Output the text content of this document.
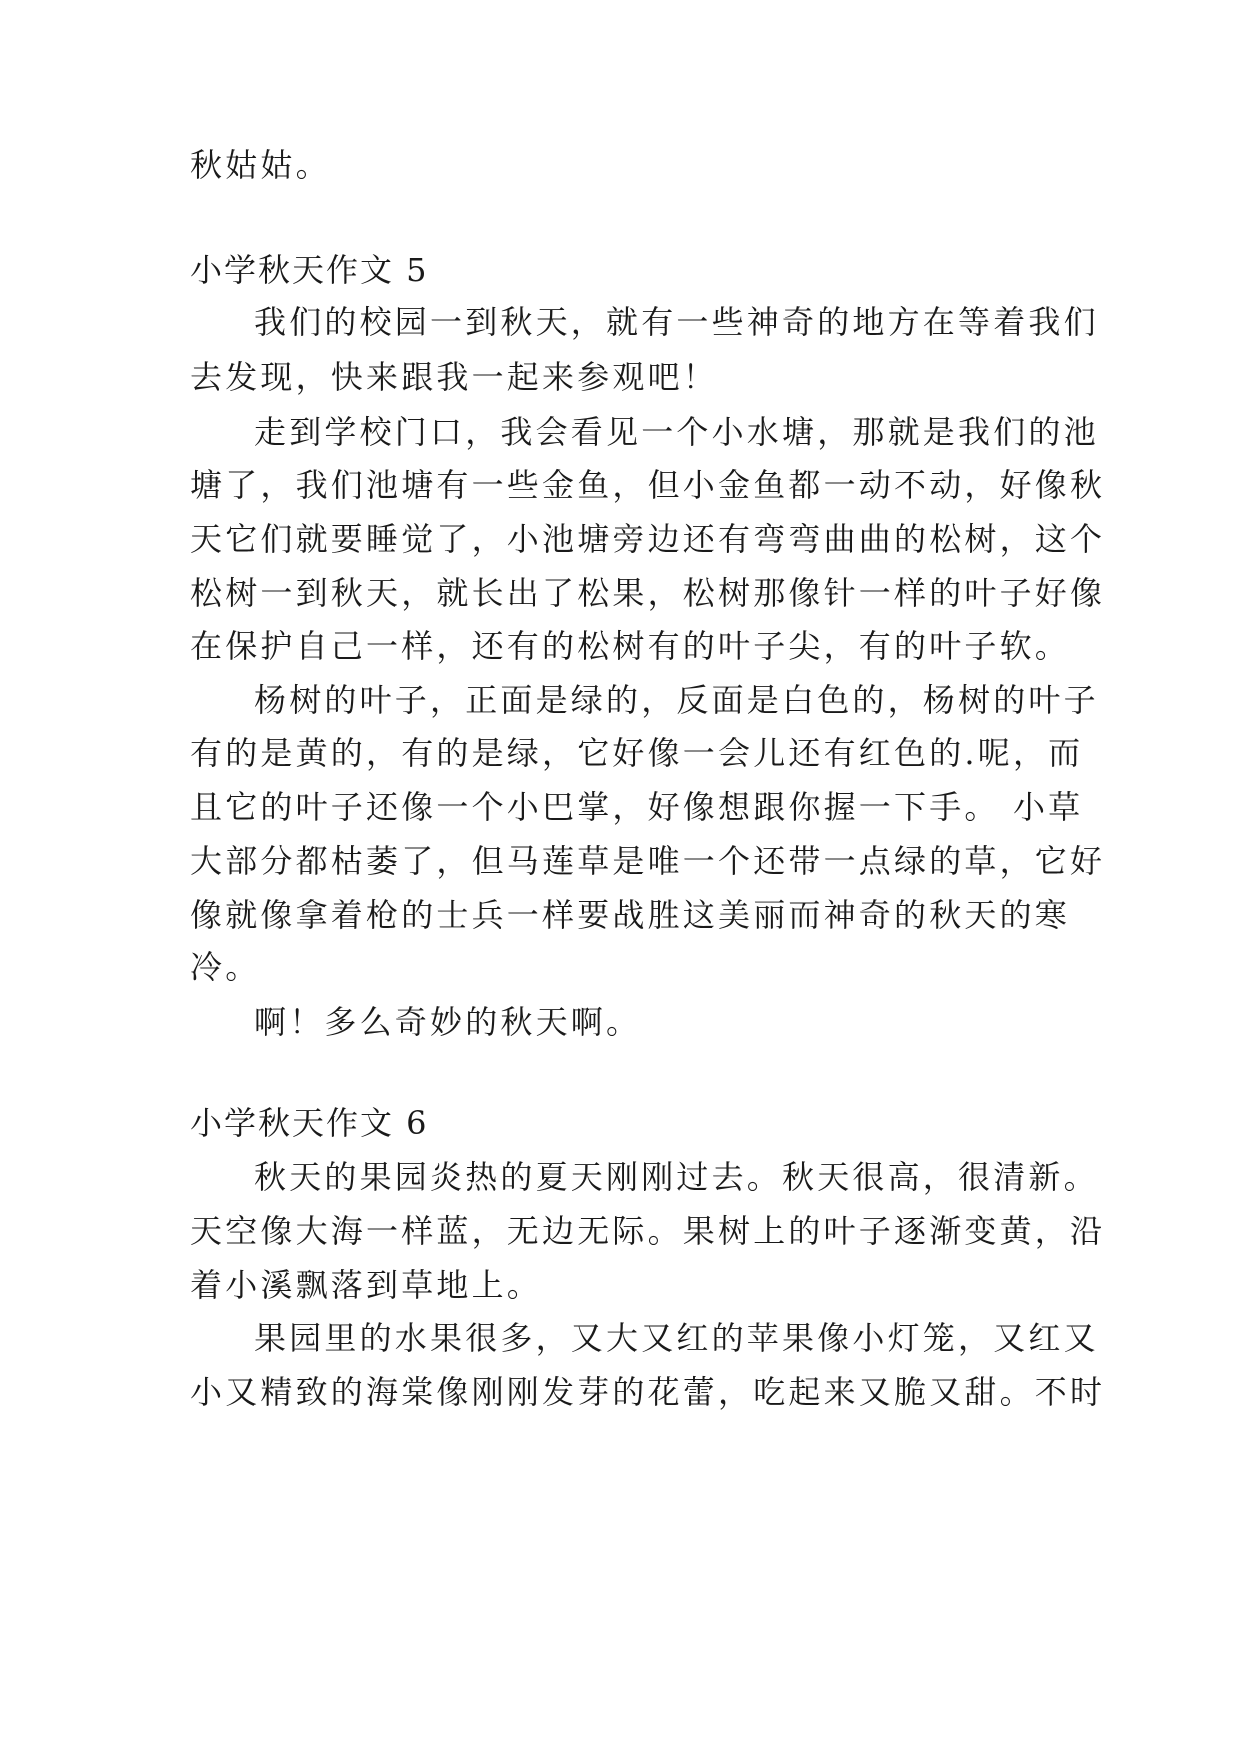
秋姑姑。

小学秋天作文 5

我们的校园一到秋天，就有一些神奇的地方在等着我们

去发现，快来跟我一起来参观吧！

走到学校门口，我会看见一个小水塘，那就是我们的池

塘了，我们池塘有一些金鱼，但小金鱼都一动不动，好像秋

天它们就要睡觉了，小池塘旁边还有弯弯曲曲的松树，这个

松树一到秋天，就长出了松果，松树那像针一样的叶子好像

在保护自己一样，还有的松树有的叶子尖，有的叶子软。

杨树的叶子，正面是绿的，反面是白色的，杨树的叶子

有的是黄的，有的是绿，它好像一会儿还有红色的.呢，而

且它的叶子还像一个小巴掌，好像想跟你握一下手。 小草

大部分都枯萎了，但马莲草是唯一个还带一点绿的草，它好

像就像拿着枪的士兵一样要战胜这美丽而神奇的秋天的寒

冷。

啊！多么奇妙的秋天啊。

小学秋天作文 6

秋天的果园炎热的夏天刚刚过去。秋天很高，很清新。

天空像大海一样蓝，无边无际。果树上的叶子逐渐变黄，沿

着小溪飘落到草地上。

果园里的水果很多，又大又红的苹果像小灯笼，又红又

小又精致的海棠像刚刚发芽的花蕾，吃起来又脆又甜。不时
